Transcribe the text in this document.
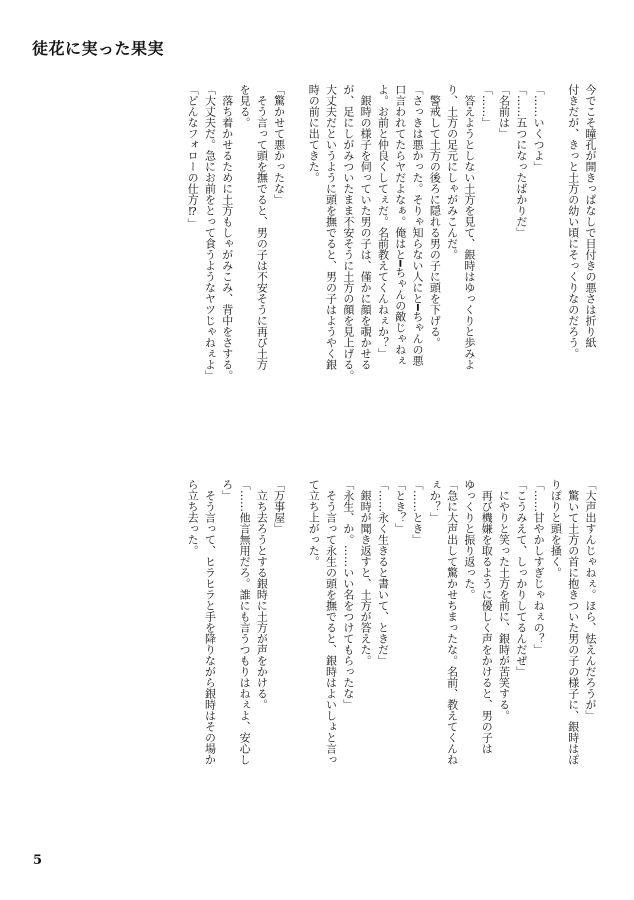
徒花に実った果実
今でこそ瞳孔が開きっぱなしで目付きの悪さは折り紙
付きだが、きっと土方の幼い頃にそっくりなのだろう。

「……いくつよ」
「……五つになったばかりだ」
「名前は」
「……」
　答えようとしない土方を見て、銀時はゆっくりと歩みよ
り、土方の足元にしゃがみこんだ。
　警戒して土方の後ろに隠れる男の子に頭を下げる。
「さっきは悪かった。そりゃ知らない人にと━ちゃんの悪
口言われてたらヤだよなぁ。俺はと━ちゃんの敵じゃねぇ
よ。お前と仲良くしてぇだ。名前教えてくんねぇか？」
　銀時の様子を伺っていた男の子は、僅かに顔を覗かせる
が、足にしがみついたまま不安そうに土方の顔を見上げる。
大丈夫だというように頭を撫でると、男の子はようやく銀
時の前に出てきた。

「驚かせて悪かったな」
　そう言って頭を撫でると、男の子は不安そうに再び土方
を見る。
　落ち着かせるために土方もしゃがみこみ、背中をさする。
「大丈夫だ。急にお前をとって食うようなヤツじゃねぇよ」
「どんなフォローの仕方⁉」
「大声出すんじゃねぇ。ほら、怯えんだろうが」
　驚いて土方の首に抱きついた男の子の様子に、銀時はぽ
りぽりと頭を掻く。
「……甘やかしすぎじゃねぇの？」
「こうみえて、しっかりしてるんだぜ」
　にやりと笑った土方を前に、銀時が苦笑する。
　再び機嫌を取るように優しく声をかけると、男の子は
ゆっくりと振り返った。
「急に大声出して驚かせちまったな。名前、教えてくんね
ぇか？」
「……とき」
「とき？」
「……永く生きると書いて、ときだ」
　銀時が聞き返すと、土方が答えた。
「永生、か。……いい名をつけてもらったな」
　そう言って永生の頭を撫でると、銀時はよいしょと言っ
て立ち上がった。

「万事屋」
　立ち去ろうとする銀時に土方が声をかける。
「……他言無用だろ。誰にも言うつもりはねぇよ、安心し
ろ」
　そう言って、ヒラヒラと手を降りながら銀時はその場か
ら立ち去った。
5
